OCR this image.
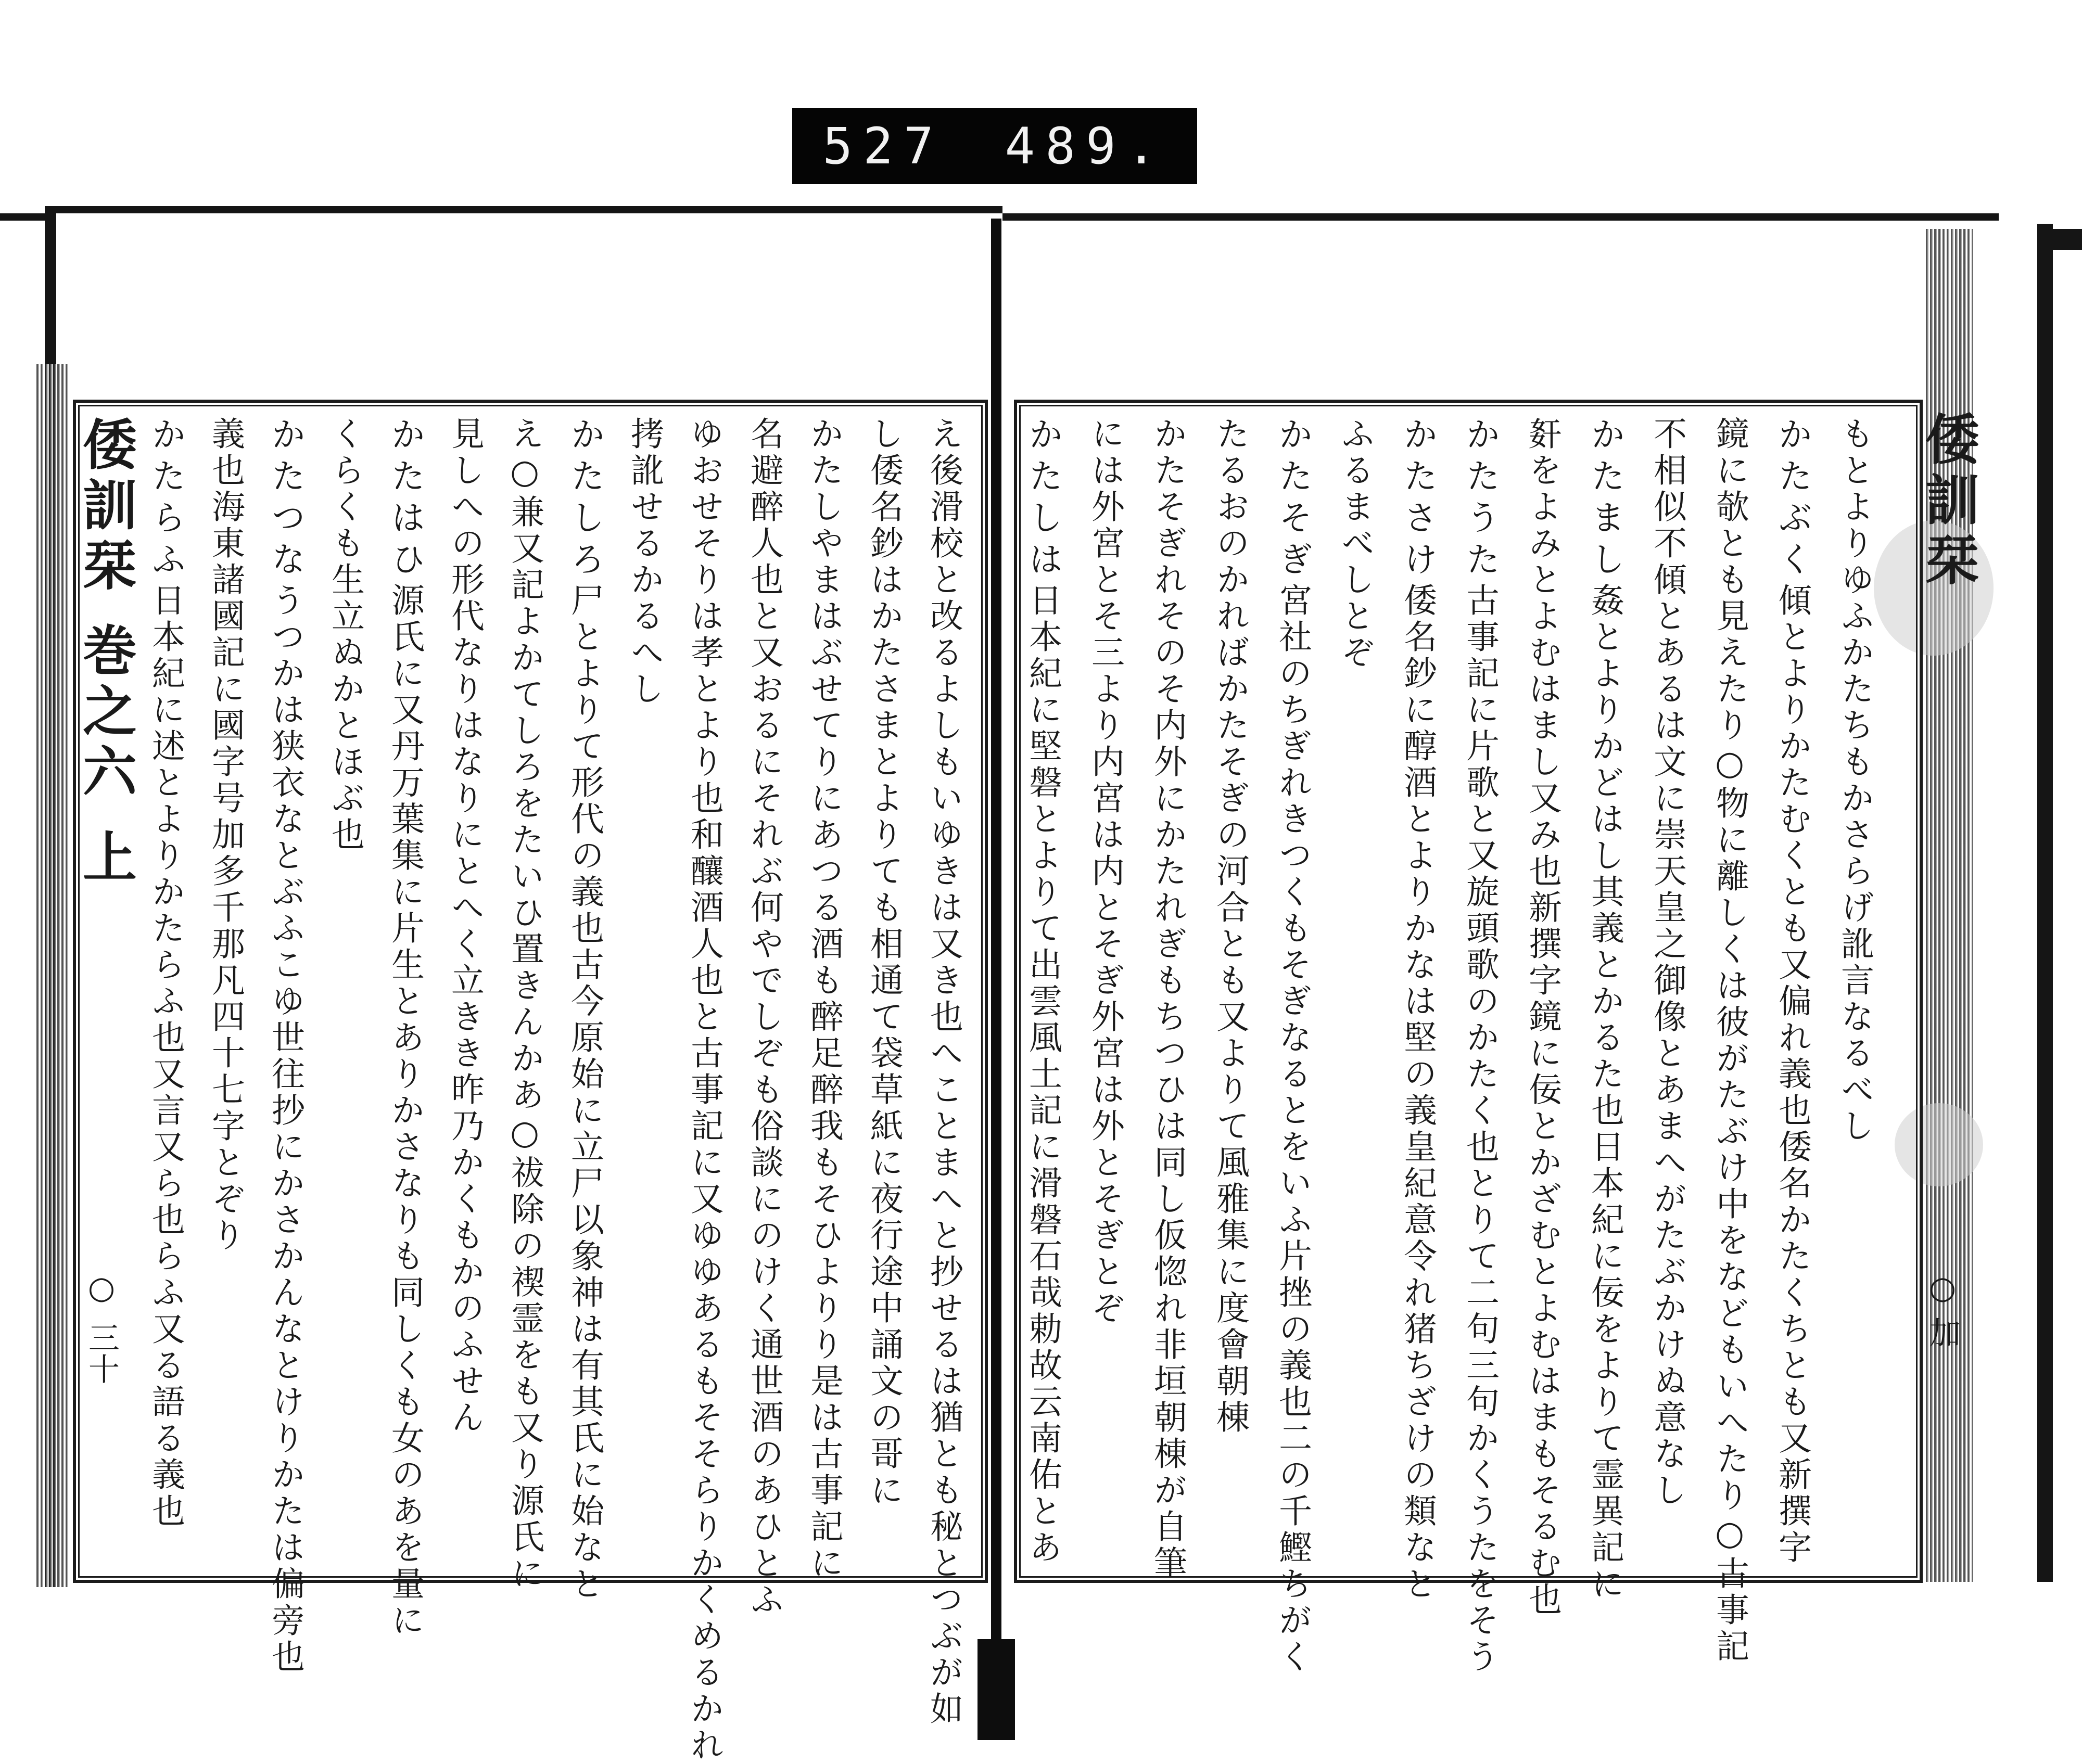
527 489.
倭訓栞
○
加
もとよりゆふかたちもかさらげ訛言なるべし
かたぶく傾とよりかたむくとも又偏れ義也倭名かたくちとも又新撰字
鏡に欹とも見えたり○物に離しくは彼がたぶけ中をなどもいへたり○古事記
不相似不傾とあるは文に崇天皇之御像とあまへがたぶかけぬ意なし
かたまし姦とよりかどはし其義とかるた也日本紀に佞をよりて霊異記に
姧をよみとよむはまし又み也新撰字鏡に佞とかざむとよむはまもそるむ也
かたうた古事記に片歌と又旋頭歌のかたく也とりて二句三句かくうたをそう
かたさけ倭名鈔に醇酒とよりかなは堅の義皇紀意令れ猪ちざけの類なと
ふるまべしとぞ
かたそぎ宮社のちぎれきつくもそぎなるとをいふ片挫の義也二の千鰹ちがく
たるおのかればかたそぎの河合とも又よりて風雅集に度會朝棟
かたそぎれそのそ内外にかたれぎもちつひは同し仮惚れ非垣朝棟が自筆
には外宮とそ三より内宮は内とそぎ外宮は外とそぎとぞ
かたしは日本紀に堅磐とよりて出雲風土記に滑磐石哉勅故云南佑とあ
え後滑校と改るよしもいゆきは又き也へことまへと抄せるは猶とも秘とつぶが如
し倭名鈔はかたさまとよりても相通て袋草紙に夜行途中誦文の哥に
かたしやまはぶせてりにあつる酒も醉足醉我もそひよりり是は古事記に
名避醉人也と又おるにそれぶ何やでしぞも俗談にのけく通世酒のあひとふ
ゆおせそりは孝とより也和釀酒人也と古事記に又ゆゆあるもそそらりかくめるかれ
拷訛せるかるへし
かたしろ尸とよりて形代の義也古今原始に立尸以象神は有其氏に始なと
え○兼又記よかてしろをたいひ置きんかあ○祓除の禊霊をも又り源氏に
見しへの形代なりはなりにとへく立きき昨乃かくもかのふせん
かたはひ源氏に又丹万葉集に片生とありかさなりも同しくも女のあを量に
くらくも生立ぬかとほぶ也
かたつなうつかは狭衣なとぶふこゆ世往抄にかさかんなとけりかたは偏旁也
義也海東諸國記に國字号加多千那凡四十七字とぞり
かたらふ日本紀に述とよりかたらふ也又言又ら也らふ又る語る義也
倭訓栞 巻之六 上
○
三十
